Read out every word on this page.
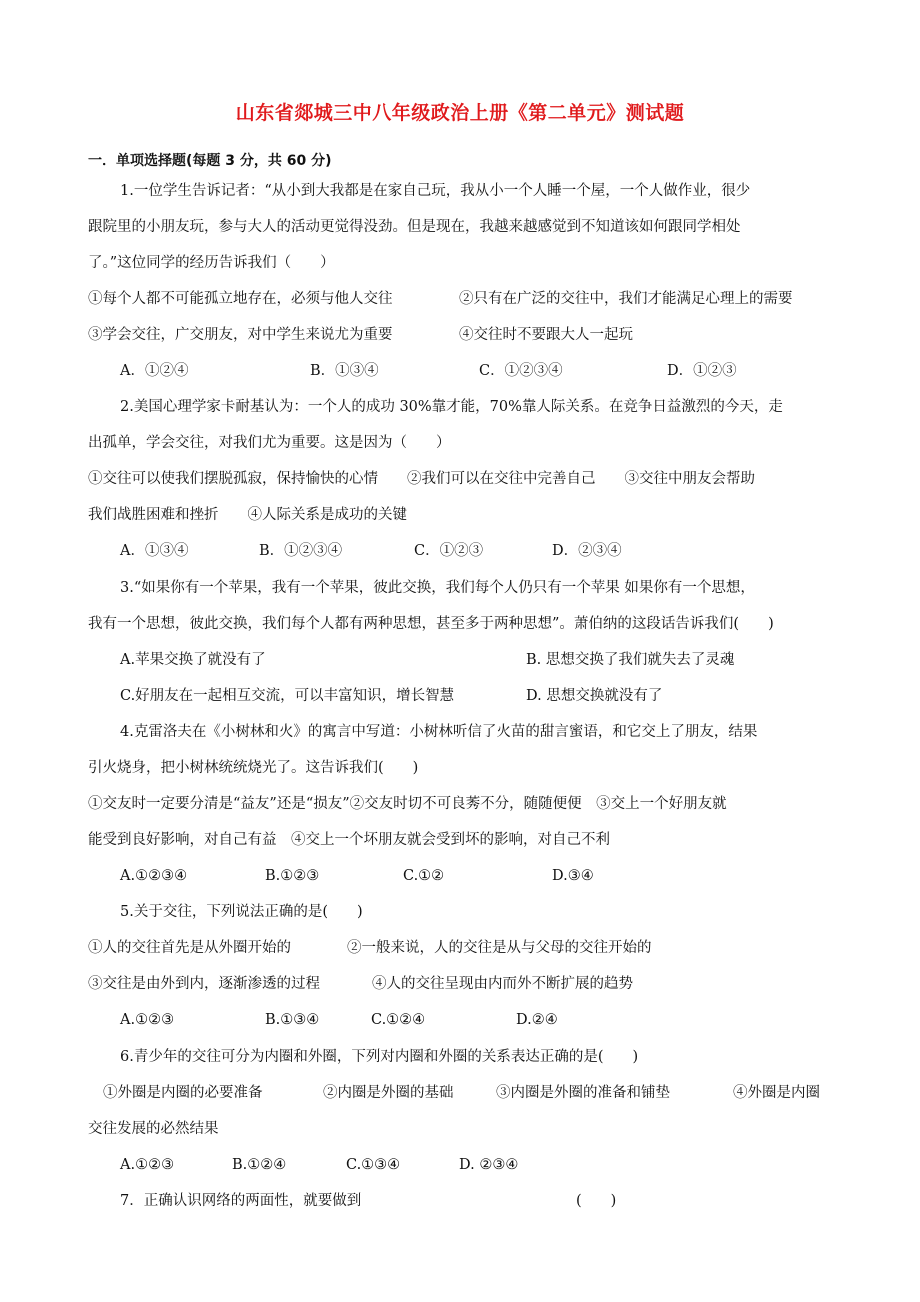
山东省郯城三中八年级政治上册《第二单元》测试题
一．单项选择题(每题 3 分，共 60 分)
1.一位学生告诉记者：“从小到大我都是在家自己玩，我从小一个人睡一个屋，一个人做作业，很少
跟院里的小朋友玩，参与大人的活动更觉得没劲。但是现在，我越来越感觉到不知道该如何跟同学相处
了。”这位同学的经历告诉我们（　　）
①每个人都不可能孤立地存在，必须与他人交往	②只有在广泛的交往中，我们才能满足心理上的需要
③学会交往，广交朋友，对中学生来说尤为重要	④交往时不要跟大人一起玩
A．①②④	B．①③④	C．①②③④	D．①②③
2.美国心理学家卡耐基认为：一个人的成功 30%靠才能，70%靠人际关系。在竞争日益激烈的今天，走
出孤单，学会交往，对我们尤为重要。这是因为（　　）
①交往可以使我们摆脱孤寂，保持愉快的心情　　②我们可以在交往中完善自己　　③交往中朋友会帮助
我们战胜困难和挫折　　④人际关系是成功的关键
A．①③④	B．①②③④	C．①②③	D．②③④
3.“如果你有一个苹果，我有一个苹果，彼此交换，我们每个人仍只有一个苹果 如果你有一个思想，
我有一个思想，彼此交换，我们每个人都有两种思想，甚至多于两种思想”。萧伯纳的这段话告诉我们(　　)
A.苹果交换了就没有了	B. 思想交换了我们就失去了灵魂
C.好朋友在一起相互交流，可以丰富知识，增长智慧	D. 思想交换就没有了
4.克雷洛夫在《小树林和火》的寓言中写道：小树林听信了火苗的甜言蜜语，和它交上了朋友，结果
引火烧身，把小树林统统烧光了。这告诉我们(　　)
①交友时一定要分清是“益友”还是“损友”②交友时切不可良莠不分，随随便便　③交上一个好朋友就
能受到良好影响，对自己有益　④交上一个坏朋友就会受到坏的影响，对自己不利
A.①②③④	B.①②③	C.①②	D.③④
5.关于交往，下列说法正确的是(　　)
①人的交往首先是从外圈开始的	②一般来说，人的交往是从与父母的交往开始的
③交往是由外到内，逐渐渗透的过程	④人的交往呈现由内而外不断扩展的趋势
A.①②③	B.①③④	C.①②④	D.②④
6.青少年的交往可分为内圈和外圈，下列对内圈和外圈的关系表达正确的是(　　)
①外圈是内圈的必要准备	②内圈是外圈的基础	③内圈是外圈的准备和铺垫	④外圈是内圈
交往发展的必然结果
A.①②③	B.①②④	C.①③④	D. ②③④
7．正确认识网络的两面性，就要做到	(　　)
